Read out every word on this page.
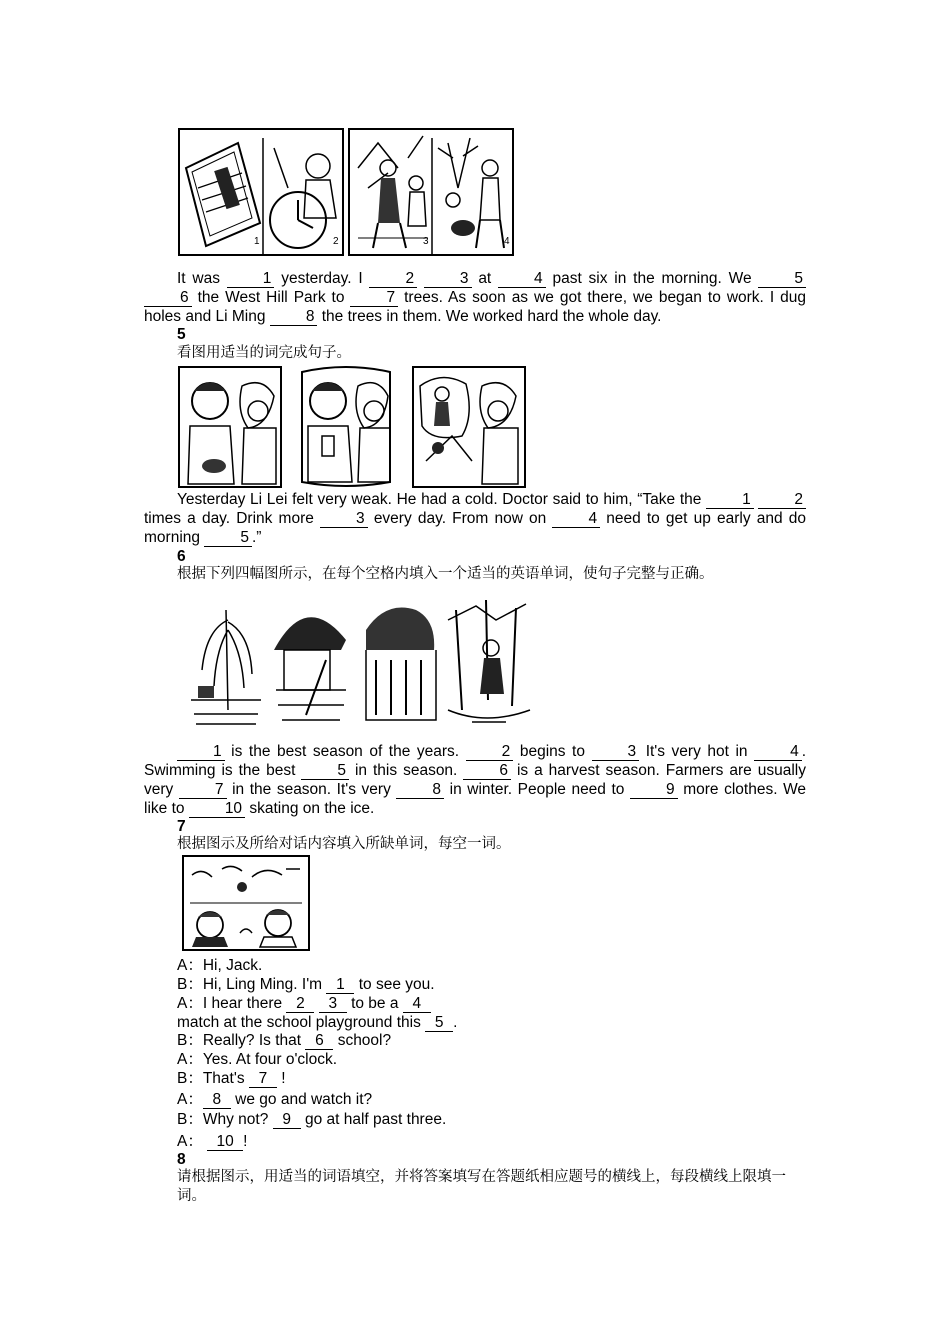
1	2	3	4
It was	1 yesterday. I	2	3 at	4 past six in the morning. We	5 6 the West Hill Park to	7 trees. As soon as we got there, we began to work. I dug holes and Li Ming	8 the trees in them. We worked hard the whole day.
5
看图用适当的词完成句子。
Yesterday Li Lei felt very weak. He had a cold. Doctor said to him, “Take the	1	2 times a day. Drink more	3 every day. From now on	4 need to get up early and do morning	5 .”
6
根据下列四幅图所示，在每个空格内填入一个适当的英语单词，使句子完整与正确。
1 is the best season of the years.	2 begins to	3 It's very hot in	4 . Swimming is the best	5 in this season.	6 is a harvest season. Farmers are usually very	7 in the season. It's very	8 in winter. People need to	9 more clothes. We like to	10 skating on the ice.
7
根据图示及所给对话内容填入所缺单词，每空一词。
A：Hi, Jack.
B：Hi, Ling Ming. I'm 1 to see you.
A：I hear there 2 3 to be a 4
match at the school playground this 5 .
B：Really? Is that 6 school?
A：Yes. At four o'clock.
B：That's 7 !
A： 8 we go and watch it?
B：Why not? 9 go at half past three.
A： 10 !
8
请根据图示，用适当的词语填空，并将答案填写在答题纸相应题号的横线上，每段横线上限填一词。
